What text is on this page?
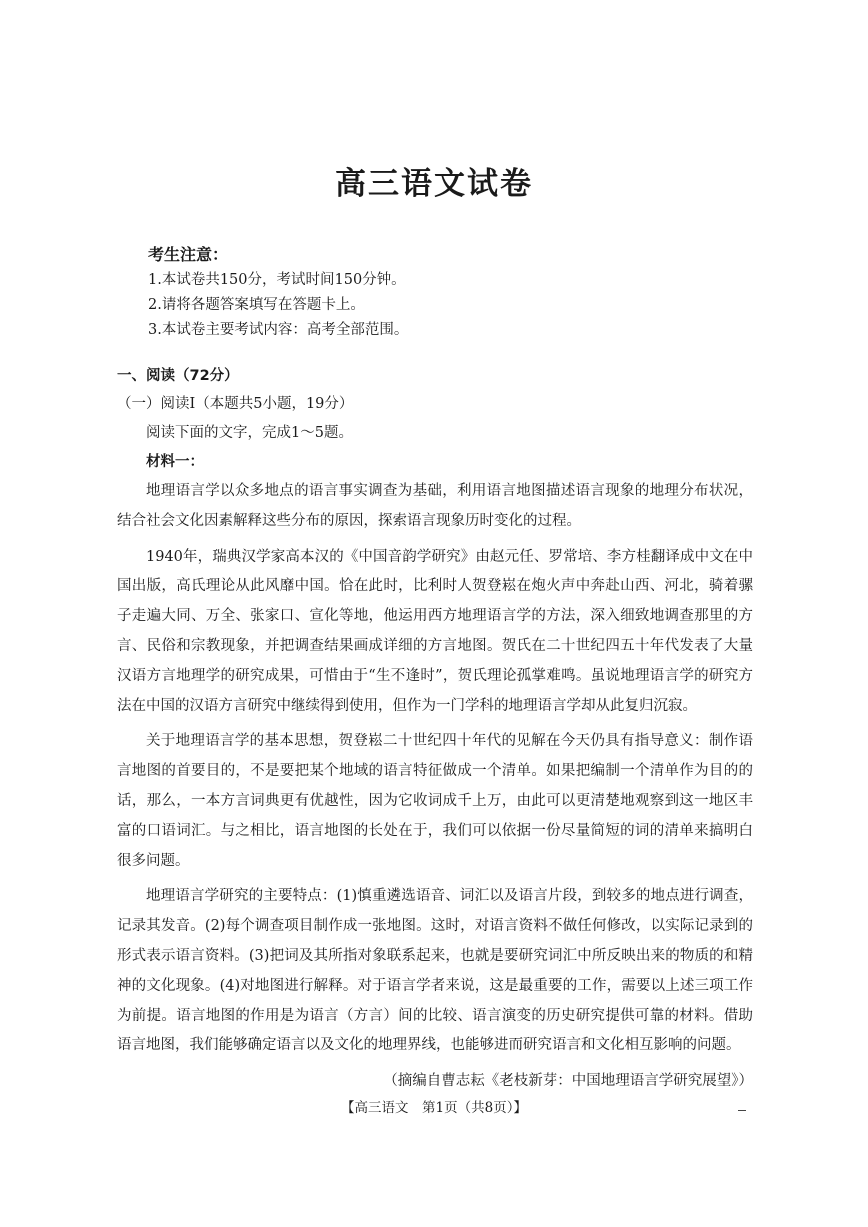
高三语文试卷
考生注意：
1.本试卷共150分，考试时间150分钟。
2.请将各题答案填写在答题卡上。
3.本试卷主要考试内容：高考全部范围。
一、阅读（72分）
（一）阅读Ⅰ（本题共5小题，19分）
阅读下面的文字，完成1～5题。
材料一：

地理语言学以众多地点的语言事实调查为基础，利用语言地图描述语言现象的地理分布状况，结合社会文化因素解释这些分布的原因，探索语言现象历时变化的过程。

1940年，瑞典汉学家高本汉的《中国音韵学研究》由赵元任、罗常培、李方桂翻译成中文在中国出版，高氏理论从此风靡中国。恰在此时，比利时人贺登崧在炮火声中奔赴山西、河北，骑着骡子走遍大同、万全、张家口、宣化等地，他运用西方地理语言学的方法，深入细致地调查那里的方言、民俗和宗教现象，并把调查结果画成详细的方言地图。贺氏在二十世纪四五十年代发表了大量汉语方言地理学的研究成果，可惜由于“生不逢时”，贺氏理论孤掌难鸣。虽说地理语言学的研究方法在中国的汉语方言研究中继续得到使用，但作为一门学科的地理语言学却从此复归沉寂。

关于地理语言学的基本思想，贺登崧二十世纪四十年代的见解在今天仍具有指导意义：制作语言地图的首要目的，不是要把某个地域的语言特征做成一个清单。如果把编制一个清单作为目的的话，那么，一本方言词典更有优越性，因为它收词成千上万，由此可以更清楚地观察到这一地区丰富的口语词汇。与之相比，语言地图的长处在于，我们可以依据一份尽量简短的词的清单来搞明白很多问题。

地理语言学研究的主要特点：(1)慎重遴选语音、词汇以及语言片段，到较多的地点进行调查，记录其发音。(2)每个调查项目制作成一张地图。这时，对语言资料不做任何修改，以实际记录到的形式表示语言资料。(3)把词及其所指对象联系起来，也就是要研究词汇中所反映出来的物质的和精神的文化现象。(4)对地图进行解释。对于语言学者来说，这是最重要的工作，需要以上述三项工作为前提。语言地图的作用是为语言（方言）间的比较、语言演变的历史研究提供可靠的材料。借助语言地图，我们能够确定语言以及文化的地理界线，也能够进而研究语言和文化相互影响的问题。

（摘编自曹志耘《老枝新芽：中国地理语言学研究展望》）
【高三语文　第1页（共8页）】
